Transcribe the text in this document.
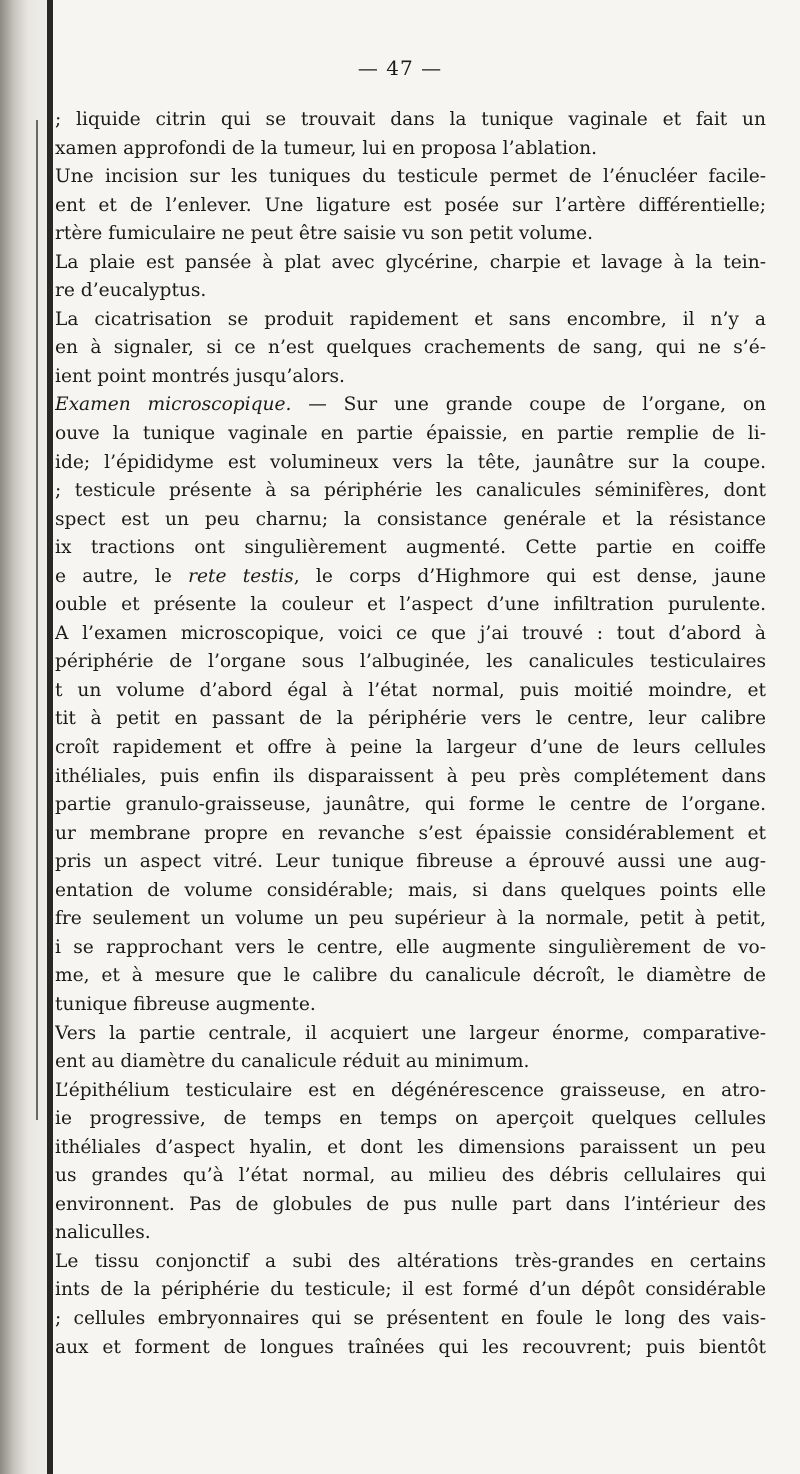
— 47 —
; liquide citrin qui se trouvait dans la tunique vaginale et fait un
xamen approfondi de la tumeur, lui en proposa l’ablation.
Une incision sur les tuniques du testicule permet de l’énucléer facile-
ent et de l’enlever. Une ligature est posée sur l’artère différentielle;
rtère fumiculaire ne peut être saisie vu son petit volume.
La plaie est pansée à plat avec glycérine, charpie et lavage à la tein-
re d’eucalyptus.
La cicatrisation se produit rapidement et sans encombre, il n’y a
en à signaler, si ce n’est quelques crachements de sang, qui ne s’é-
ient point montrés jusqu’alors.
Examen microscopique. — Sur une grande coupe de l’organe, on
ouve la tunique vaginale en partie épaissie, en partie remplie de li-
ide; l’épididyme est volumineux vers la tête, jaunâtre sur la coupe.
; testicule présente à sa périphérie les canalicules séminifères, dont
spect est un peu charnu; la consistance genérale et la résistance
ix tractions ont singulièrement augmenté. Cette partie en coiffe
e autre, le rete testis, le corps d’Highmore qui est dense, jaune
ouble et présente la couleur et l’aspect d’une infiltration purulente.
A l’examen microscopique, voici ce que j’ai trouvé : tout d’abord à
périphérie de l’organe sous l’albuginée, les canalicules testiculaires
t un volume d’abord égal à l’état normal, puis moitié moindre, et
tit à petit en passant de la périphérie vers le centre, leur calibre
croît rapidement et offre à peine la largeur d’une de leurs cellules
ithéliales, puis enfin ils disparaissent à peu près complétement dans
partie granulo-graisseuse, jaunâtre, qui forme le centre de l’organe.
ur membrane propre en revanche s’est épaissie considérablement et
pris un aspect vitré. Leur tunique fibreuse a éprouvé aussi une aug-
entation de volume considérable; mais, si dans quelques points elle
fre seulement un volume un peu supérieur à la normale, petit à petit,
i se rapprochant vers le centre, elle augmente singulièrement de vo-
me, et à mesure que le calibre du canalicule décroît, le diamètre de
tunique fibreuse augmente.
Vers la partie centrale, il acquiert une largeur énorme, comparative-
ent au diamètre du canalicule réduit au minimum.
L’épithélium testiculaire est en dégénérescence graisseuse, en atro-
ie progressive, de temps en temps on aperçoit quelques cellules
ithéliales d’aspect hyalin, et dont les dimensions paraissent un peu
us grandes qu’à l’état normal, au milieu des débris cellulaires qui
environnent. Pas de globules de pus nulle part dans l’intérieur des
naliculles.
Le tissu conjonctif a subi des altérations très-grandes en certains
ints de la périphérie du testicule; il est formé d’un dépôt considérable
; cellules embryonnaires qui se présentent en foule le long des vais-
aux et forment de longues traînées qui les recouvrent; puis bientôt
